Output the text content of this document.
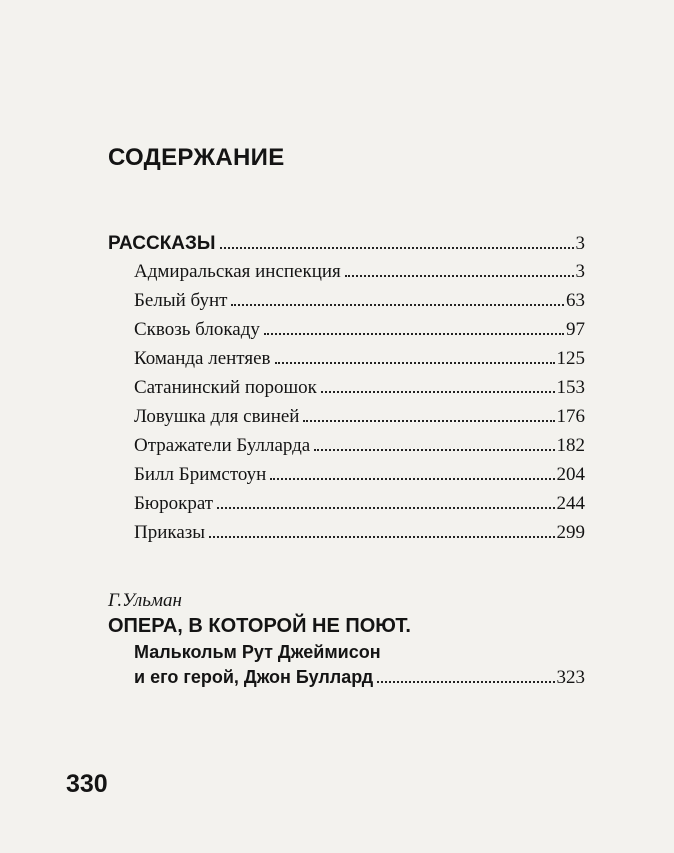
СОДЕРЖАНИЕ
РАССКАЗЫ	3
Адмиральская инспекция	3
Белый бунт	63
Сквозь блокаду	97
Команда лентяев	125
Сатанинский порошок	153
Ловушка для свиней	176
Отражатели Булларда	182
Билл Бримстоун	204
Бюрократ	244
Приказы	299
Г.Ульман
ОПЕРА, В КОТОРОЙ НЕ ПОЮТ.
Малькольм Рут Джеймисон
и его герой, Джон Буллард	323
330
